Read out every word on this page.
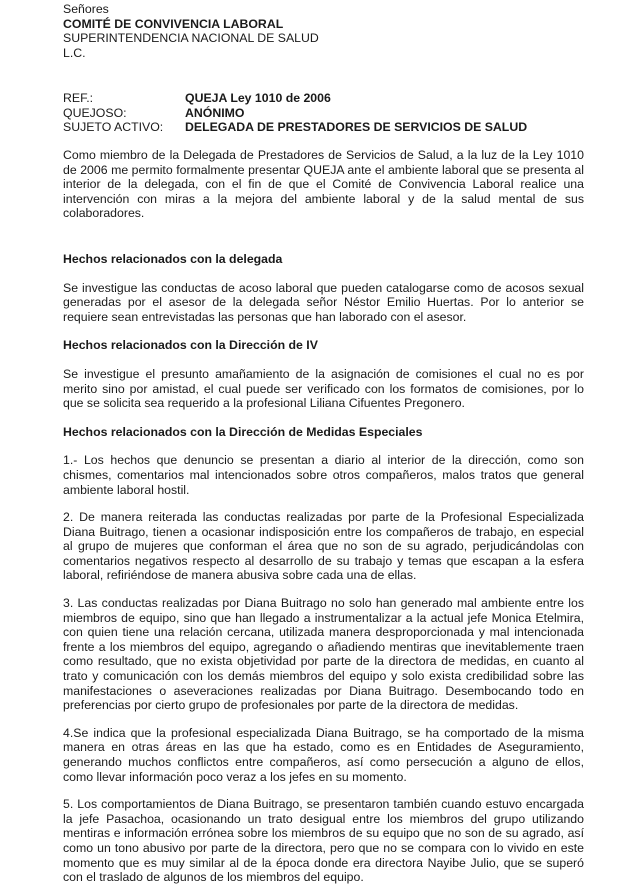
Señores
COMITÉ DE CONVIVENCIA LABORAL
SUPERINTENDENCIA NACIONAL DE SALUD
L.C.
REF.:	QUEJA Ley 1010 de 2006
QUEJOSO:	ANÓNIMO
SUJETO ACTIVO: DELEGADA DE PRESTADORES DE SERVICIOS DE SALUD

Como miembro de la Delegada de Prestadores de Servicios de Salud, a la luz de la Ley 1010 de 2006 me permito formalmente presentar QUEJA ante el ambiente laboral que se presenta al interior de la delegada, con el fin de que el Comité de Convivencia Laboral realice una intervención con miras a la mejora del ambiente laboral y de la salud mental de sus colaboradores.

Hechos relacionados con la delegada

Se investigue las conductas de acoso laboral que pueden catalogarse como de acosos sexual generadas por el asesor de la delegada señor Néstor Emilio Huertas. Por lo anterior se requiere sean entrevistadas las personas que han laborado con el asesor.

Hechos relacionados con la Dirección de IV

Se investigue el presunto amañamiento de la asignación de comisiones el cual no es por merito sino por amistad, el cual puede ser verificado con los formatos de comisiones, por lo que se solicita sea requerido a la profesional Liliana Cifuentes Pregonero.

Hechos relacionados con la Dirección de Medidas Especiales

1.- Los hechos que denuncio se presentan a diario al interior de la dirección, como son chismes, comentarios mal intencionados sobre otros compañeros, malos tratos que general ambiente laboral hostil.

2. De manera reiterada las conductas realizadas por parte de la Profesional Especializada Diana Buitrago, tienen a ocasionar indisposición entre los compañeros de trabajo, en especial al grupo de mujeres que conforman el área que no son de su agrado, perjudicándolas con comentarios negativos respecto al desarrollo de su trabajo y temas que escapan a la esfera laboral, refiriéndose de manera abusiva sobre cada una de ellas.

3. Las conductas realizadas por Diana Buitrago no solo han generado mal ambiente entre los miembros de equipo, sino que han llegado a instrumentalizar a la actual jefe Monica Etelmira, con quien tiene una relación cercana, utilizada manera desproporcionada y mal intencionada frente a los miembros del equipo, agregando o añadiendo mentiras que inevitablemente traen como resultado, que no exista objetividad por parte de la directora de medidas, en cuanto al trato y comunicación con los demás miembros del equipo y solo exista credibilidad sobre las manifestaciones o aseveraciones realizadas por Diana Buitrago. Desembocando todo en preferencias por cierto grupo de profesionales por parte de la directora de medidas.

4.Se indica que la profesional especializada Diana Buitrago, se ha comportado de la misma manera en otras áreas en las que ha estado, como es en Entidades de Aseguramiento, generando muchos conflictos entre compañeros, así como persecución a alguno de ellos, como llevar información poco veraz a los jefes en su momento.

5. Los comportamientos de Diana Buitrago, se presentaron también cuando estuvo encargada la jefe Pasachoa, ocasionando un trato desigual entre los miembros del grupo utilizando mentiras e información errónea sobre los miembros de su equipo que no son de su agrado, así como un tono abusivo por parte de la directora, pero que no se compara con lo vivido en este momento que es muy similar al de la época donde era directora Nayibe Julio, que se superó con el traslado de algunos de los miembros del equipo.
